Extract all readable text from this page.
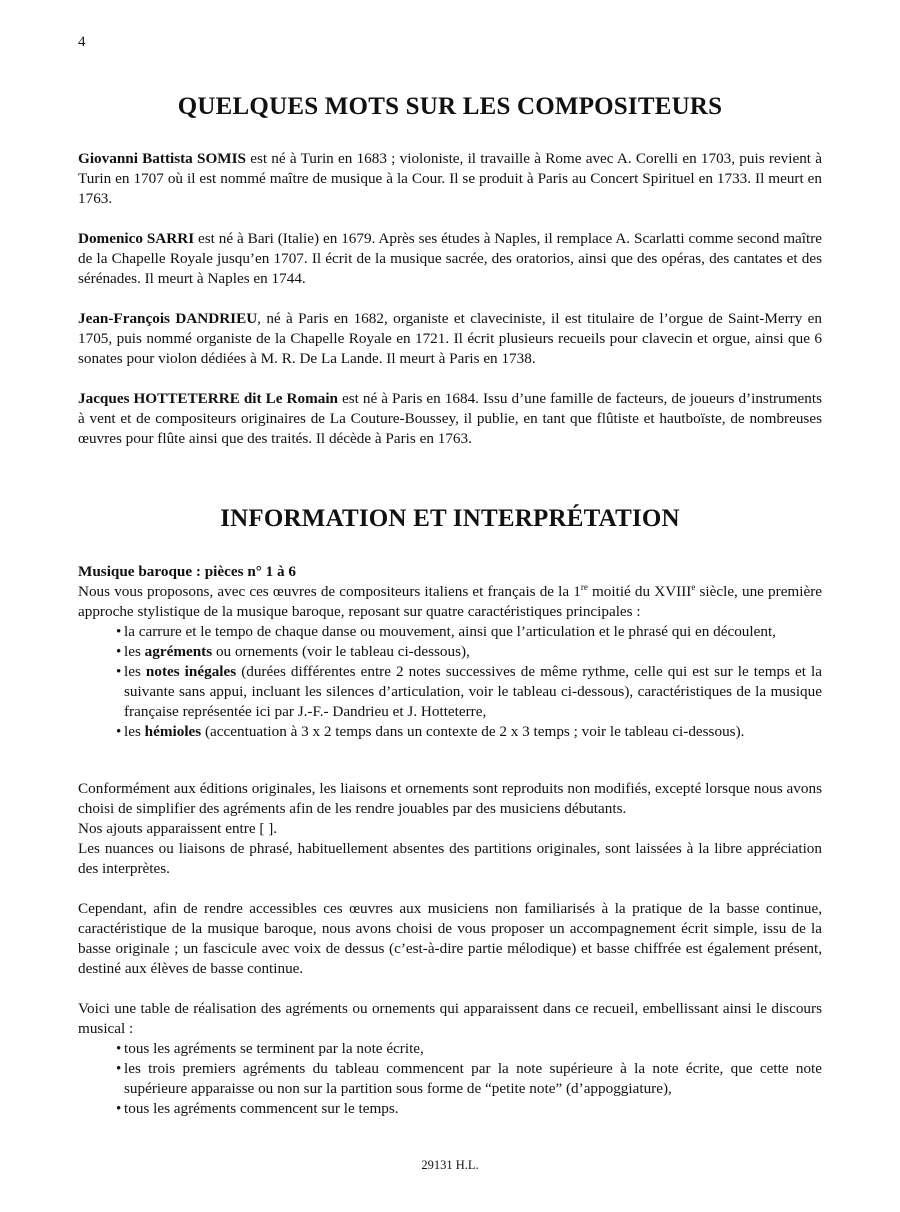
4
QUELQUES MOTS SUR LES COMPOSITEURS

Giovanni Battista SOMIS est né à Turin en 1683 ; violoniste, il travaille à Rome avec A. Corelli en 1703, puis revient à Turin en 1707 où il est nommé maître de musique à la Cour. Il se produit à Paris au Concert Spirituel en 1733. Il meurt en 1763.

Domenico SARRI est né à Bari (Italie) en 1679. Après ses études à Naples, il remplace A. Scarlatti comme second maître de la Chapelle Royale jusqu’en 1707. Il écrit de la musique sacrée, des oratorios, ainsi que des opéras, des cantates et des sérénades. Il meurt à Naples en 1744.

Jean-François DANDRIEU, né à Paris en 1682, organiste et claveciniste, il est titulaire de l’orgue de Saint-Merry en 1705, puis nommé organiste de la Chapelle Royale en 1721. Il écrit plusieurs recueils pour clavecin et orgue, ainsi que 6 sonates pour violon dédiées à M. R. De La Lande. Il meurt à Paris en 1738.

Jacques HOTTETERRE dit Le Romain est né à Paris en 1684. Issu d’une famille de facteurs, de joueurs d’instruments à vent et de compositeurs originaires de La Couture-Boussey, il publie, en tant que flûtiste et hautboïste, de nombreuses œuvres pour flûte ainsi que des traités. Il décède à Paris en 1763.

INFORMATION ET INTERPRÉTATION
Musique baroque : pièces n° 1 à 6
Nous vous proposons, avec ces œuvres de compositeurs italiens et français de la 1re moitié du XVIIIe siècle, une première approche stylistique de la musique baroque, reposant sur quatre caractéristiques principales :
• la carrure et le tempo de chaque danse ou mouvement, ainsi que l’articulation et le phrasé qui en découlent,
• les agréments ou ornements (voir le tableau ci-dessous),
• les notes inégales (durées différentes entre 2 notes successives de même rythme, celle qui est sur le temps et la suivante sans appui, incluant les silences d’articulation, voir le tableau ci-dessous), caractéristiques de la musique française représentée ici par J.-F.- Dandrieu et J. Hotteterre,
• les hémioles (accentuation à 3 x 2 temps dans un contexte de 2 x 3 temps ; voir le tableau ci-dessous).
Conformément aux éditions originales, les liaisons et ornements sont reproduits non modifiés, excepté lorsque nous avons choisi de simplifier des agréments afin de les rendre jouables par des musiciens débutants.
Nos ajouts apparaissent entre [ ].
Les nuances ou liaisons de phrasé, habituellement absentes des partitions originales, sont laissées à la libre appréciation des interprètes.

Cependant, afin de rendre accessibles ces œuvres aux musiciens non familiarisés à la pratique de la basse continue, caractéristique de la musique baroque, nous avons choisi de vous proposer un accompagnement écrit simple, issu de la basse originale ; un fascicule avec voix de dessus (c’est-à-dire partie mélodique) et basse chiffrée est également présent, destiné aux élèves de basse continue.

Voici une table de réalisation des agréments ou ornements qui apparaissent dans ce recueil, embellissant ainsi le discours musical :
• tous les agréments se terminent par la note écrite,
• les trois premiers agréments du tableau commencent par la note supérieure à la note écrite, que cette note supérieure apparaisse ou non sur la partition sous forme de “petite note” (d’appoggiature),
• tous les agréments commencent sur le temps.
29131 H.L.
